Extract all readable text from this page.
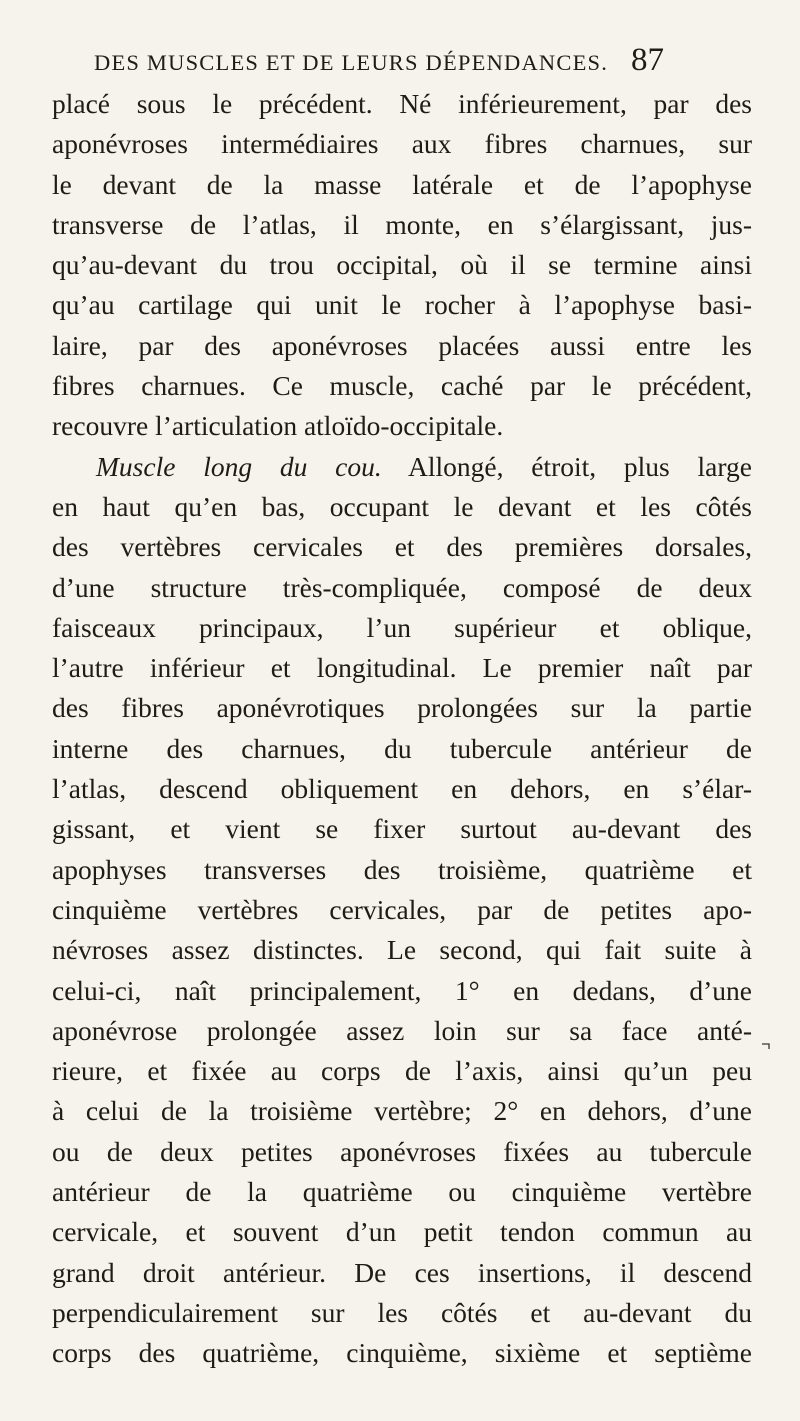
DES MUSCLES ET DE LEURS DÉPENDANCES. 87
placé sous le précédent. Né inférieurement, par des
aponévroses intermédiaires aux fibres charnues, sur
le devant de la masse latérale et de l’apophyse
transverse de l’atlas, il monte, en s’élargissant, jus-
qu’au-devant du trou occipital, où il se termine ainsi
qu’au cartilage qui unit le rocher à l’apophyse basi-
laire, par des aponévroses placées aussi entre les
fibres charnues. Ce muscle, caché par le précédent,
recouvre l’articulation atloïdo-occipitale.
Muscle long du cou. Allongé, étroit, plus large
en haut qu’en bas, occupant le devant et les côtés
des vertèbres cervicales et des premières dorsales,
d’une structure très-compliquée, composé de deux
faisceaux principaux, l’un supérieur et oblique,
l’autre inférieur et longitudinal. Le premier naît par
des fibres aponévrotiques prolongées sur la partie
interne des charnues, du tubercule antérieur de
l’atlas, descend obliquement en dehors, en s’élar-
gissant, et vient se fixer surtout au-devant des
apophyses transverses des troisième, quatrième et
cinquième vertèbres cervicales, par de petites apo-
névroses assez distinctes. Le second, qui fait suite à
celui-ci, naît principalement, 1° en dedans, d’une
aponévrose prolongée assez loin sur sa face anté-
rieure, et fixée au corps de l’axis, ainsi qu’un peu
à celui de la troisième vertèbre; 2° en dehors, d’une
ou de deux petites aponévroses fixées au tubercule
antérieur de la quatrième ou cinquième vertèbre
cervicale, et souvent d’un petit tendon commun au
grand droit antérieur. De ces insertions, il descend
perpendiculairement sur les côtés et au-devant du
corps des quatrième, cinquième, sixième et septième
